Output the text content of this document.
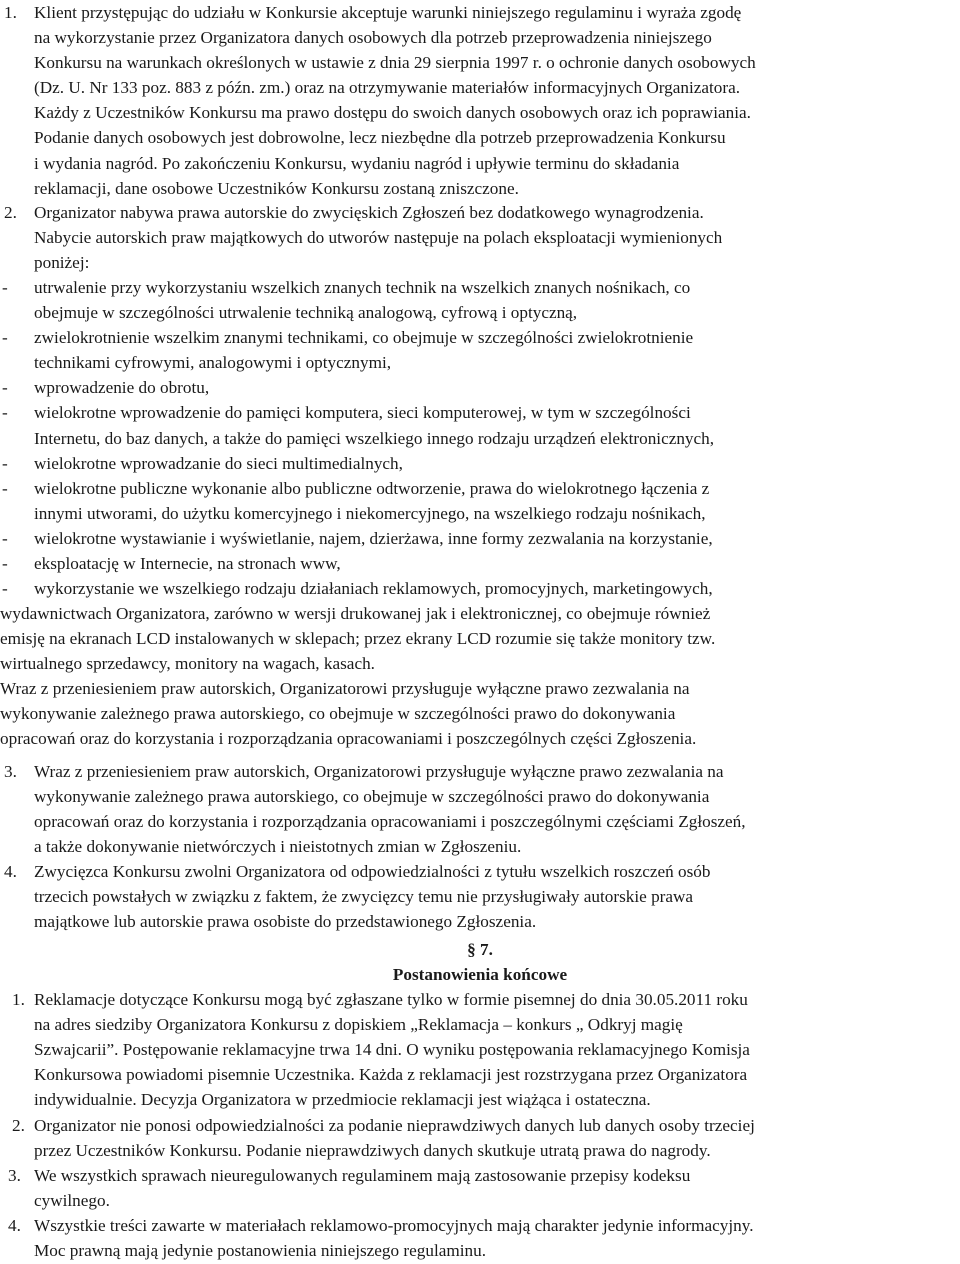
1. Klient przystępując do udziału w Konkursie akceptuje warunki niniejszego regulaminu i wyraża zgodę
na wykorzystanie przez Organizatora danych osobowych dla potrzeb przeprowadzenia niniejszego
Konkursu na warunkach określonych w ustawie z dnia 29 sierpnia 1997 r. o ochronie danych osobowych
(Dz. U. Nr 133 poz. 883 z późn. zm.) oraz na otrzymywanie materiałów informacyjnych Organizatora.
Każdy z Uczestników Konkursu ma prawo dostępu do swoich danych osobowych oraz ich poprawiania.
Podanie danych osobowych jest dobrowolne, lecz niezbędne dla potrzeb przeprowadzenia Konkursu
i wydania nagród. Po zakończeniu Konkursu, wydaniu nagród i upływie terminu do składania
reklamacji, dane osobowe Uczestników Konkursu zostaną zniszczone.
2. Organizator nabywa prawa autorskie do zwycięskich Zgłoszeń bez dodatkowego wynagrodzenia.
Nabycie autorskich praw majątkowych do utworów następuje na polach eksploatacji wymienionych
poniżej:
- utrwalenie przy wykorzystaniu wszelkich znanych technik na wszelkich znanych nośnikach, co
obejmuje w szczególności utrwalenie techniką analogową, cyfrową i optyczną,
- zwielokrotnienie wszelkim znanymi technikami, co obejmuje w szczególności zwielokrotnienie
technikami cyfrowymi, analogowymi i optycznymi,
- wprowadzenie do obrotu,
- wielokrotne wprowadzenie do pamięci komputera, sieci komputerowej, w tym w szczególności
Internetu, do baz danych, a także do pamięci wszelkiego innego rodzaju urządzeń elektronicznych,
- wielokrotne wprowadzanie do sieci multimedialnych,
- wielokrotne publiczne wykonanie albo publiczne odtworzenie, prawa do wielokrotnego łączenia z
innymi utworami, do użytku komercyjnego i niekomercyjnego, na wszelkiego rodzaju nośnikach,
- wielokrotne wystawianie i wyświetlanie, najem, dzierżawa, inne formy zezwalania na korzystanie,
- eksploatację w Internecie, na stronach www,
- wykorzystanie we wszelkiego rodzaju działaniach reklamowych, promocyjnych, marketingowych,
wydawnictwach Organizatora, zarówno w wersji drukowanej jak i elektronicznej, co obejmuje również
emisję na ekranach LCD instalowanych w sklepach; przez ekrany LCD rozumie się także monitory tzw.
wirtualnego sprzedawcy, monitory na wagach, kasach.
Wraz z przeniesieniem praw autorskich, Organizatorowi przysługuje wyłączne prawo zezwalania na
wykonywanie zależnego prawa autorskiego, co obejmuje w szczególności prawo do dokonywania
opracowań oraz do korzystania i rozporządzania opracowaniami i poszczególnych części Zgłoszenia.
3. Wraz z przeniesieniem praw autorskich, Organizatorowi przysługuje wyłączne prawo zezwalania na
wykonywanie zależnego prawa autorskiego, co obejmuje w szczególności prawo do dokonywania
opracowań oraz do korzystania i rozporządzania opracowaniami i poszczególnymi częściami Zgłoszeń,
a także dokonywanie nietwórczych i nieistotnych zmian w Zgłoszeniu.
4. Zwycięzca Konkursu zwolni Organizatora od odpowiedzialności z tytułu wszelkich roszczeń osób
trzecich powstałych w związku z faktem, że zwycięzcy temu nie przysługiwały autorskie prawa
majątkowe lub autorskie prawa osobiste do przedstawionego Zgłoszenia.
§ 7.
Postanowienia końcowe
1. Reklamacje dotyczące Konkursu mogą być zgłaszane tylko w formie pisemnej do dnia 30.05.2011 roku
na adres siedziby Organizatora Konkursu z dopiskiem „Reklamacja – konkurs „ Odkryj magię
Szwajcarii”. Postępowanie reklamacyjne trwa 14 dni. O wyniku postępowania reklamacyjnego Komisja
Konkursowa powiadomi pisemnie Uczestnika. Każda z reklamacji jest rozstrzygana przez Organizatora
indywidualnie. Decyzja Organizatora w przedmiocie reklamacji jest wiążąca i ostateczna.
2. Organizator nie ponosi odpowiedzialności za podanie nieprawdziwych danych lub danych osoby trzeciej
przez Uczestników Konkursu. Podanie nieprawdziwych danych skutkuje utratą prawa do nagrody.
3. We wszystkich sprawach nieuregulowanych regulaminem mają zastosowanie przepisy kodeksu
cywilnego.
4. Wszystkie treści zawarte w materiałach reklamowo-promocyjnych mają charakter jedynie informacyjny.
Moc prawną mają jedynie postanowienia niniejszego regulaminu.
